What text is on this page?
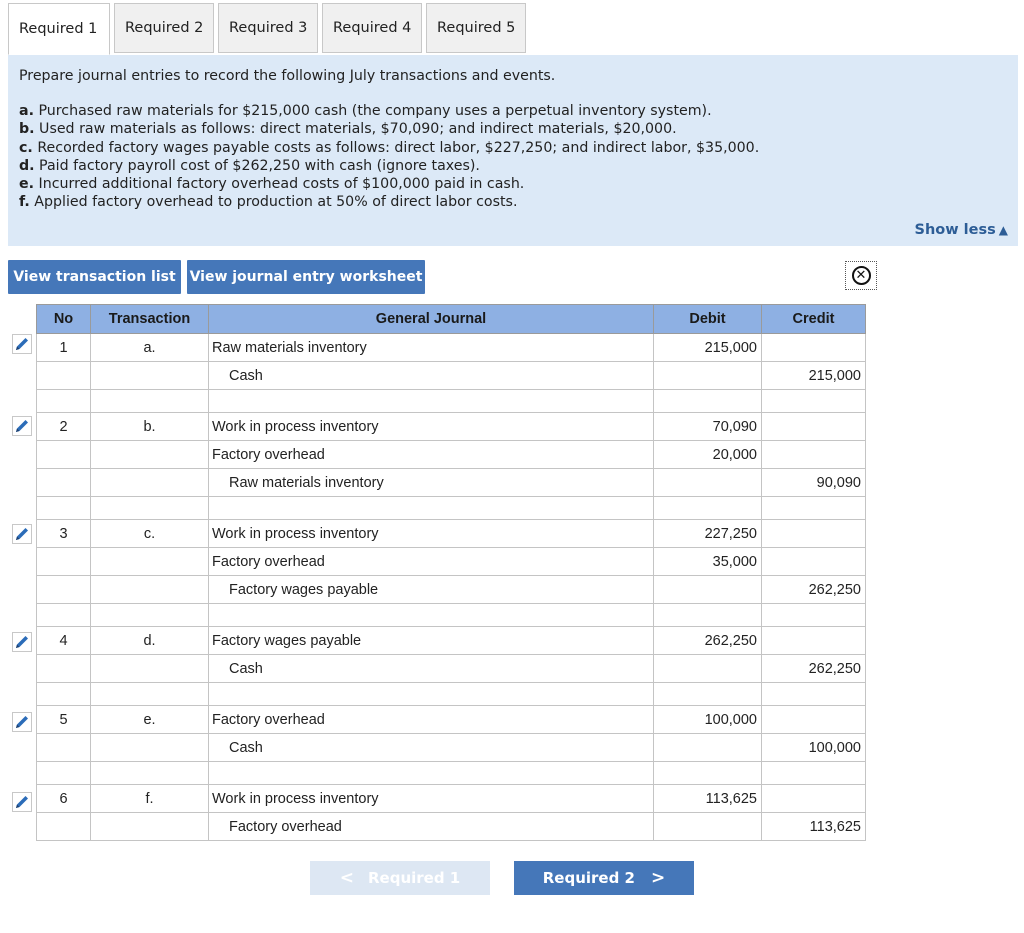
Required 1	Required 2	Required 3	Required 4	Required 5
Prepare journal entries to record the following July transactions and events.
a. Purchased raw materials for $215,000 cash (the company uses a perpetual inventory system).
b. Used raw materials as follows: direct materials, $70,090; and indirect materials, $20,000.
c. Recorded factory wages payable costs as follows: direct labor, $227,250; and indirect labor, $35,000.
d. Paid factory payroll cost of $262,250 with cash (ignore taxes).
e. Incurred additional factory overhead costs of $100,000 paid in cash.
f. Applied factory overhead to production at 50% of direct labor costs.
Show less ▲
View transaction list View journal entry worksheet	✕
No	Transaction	General Journal	Debit	Credit
1	a.	Raw materials inventory	215,000	
		Cash		215,000

2	b.	Work in process inventory	70,090	
		Factory overhead	20,000	
		Raw materials inventory		90,090

3	c.	Work in process inventory	227,250	
		Factory overhead	35,000	
		Factory wages payable		262,250

4	d.	Factory wages payable	262,250	
		Cash		262,250

5	e.	Factory overhead	100,000	
		Cash		100,000

6	f.	Work in process inventory	113,625	
		Factory overhead		113,625
< Required 1	Required 2 >
